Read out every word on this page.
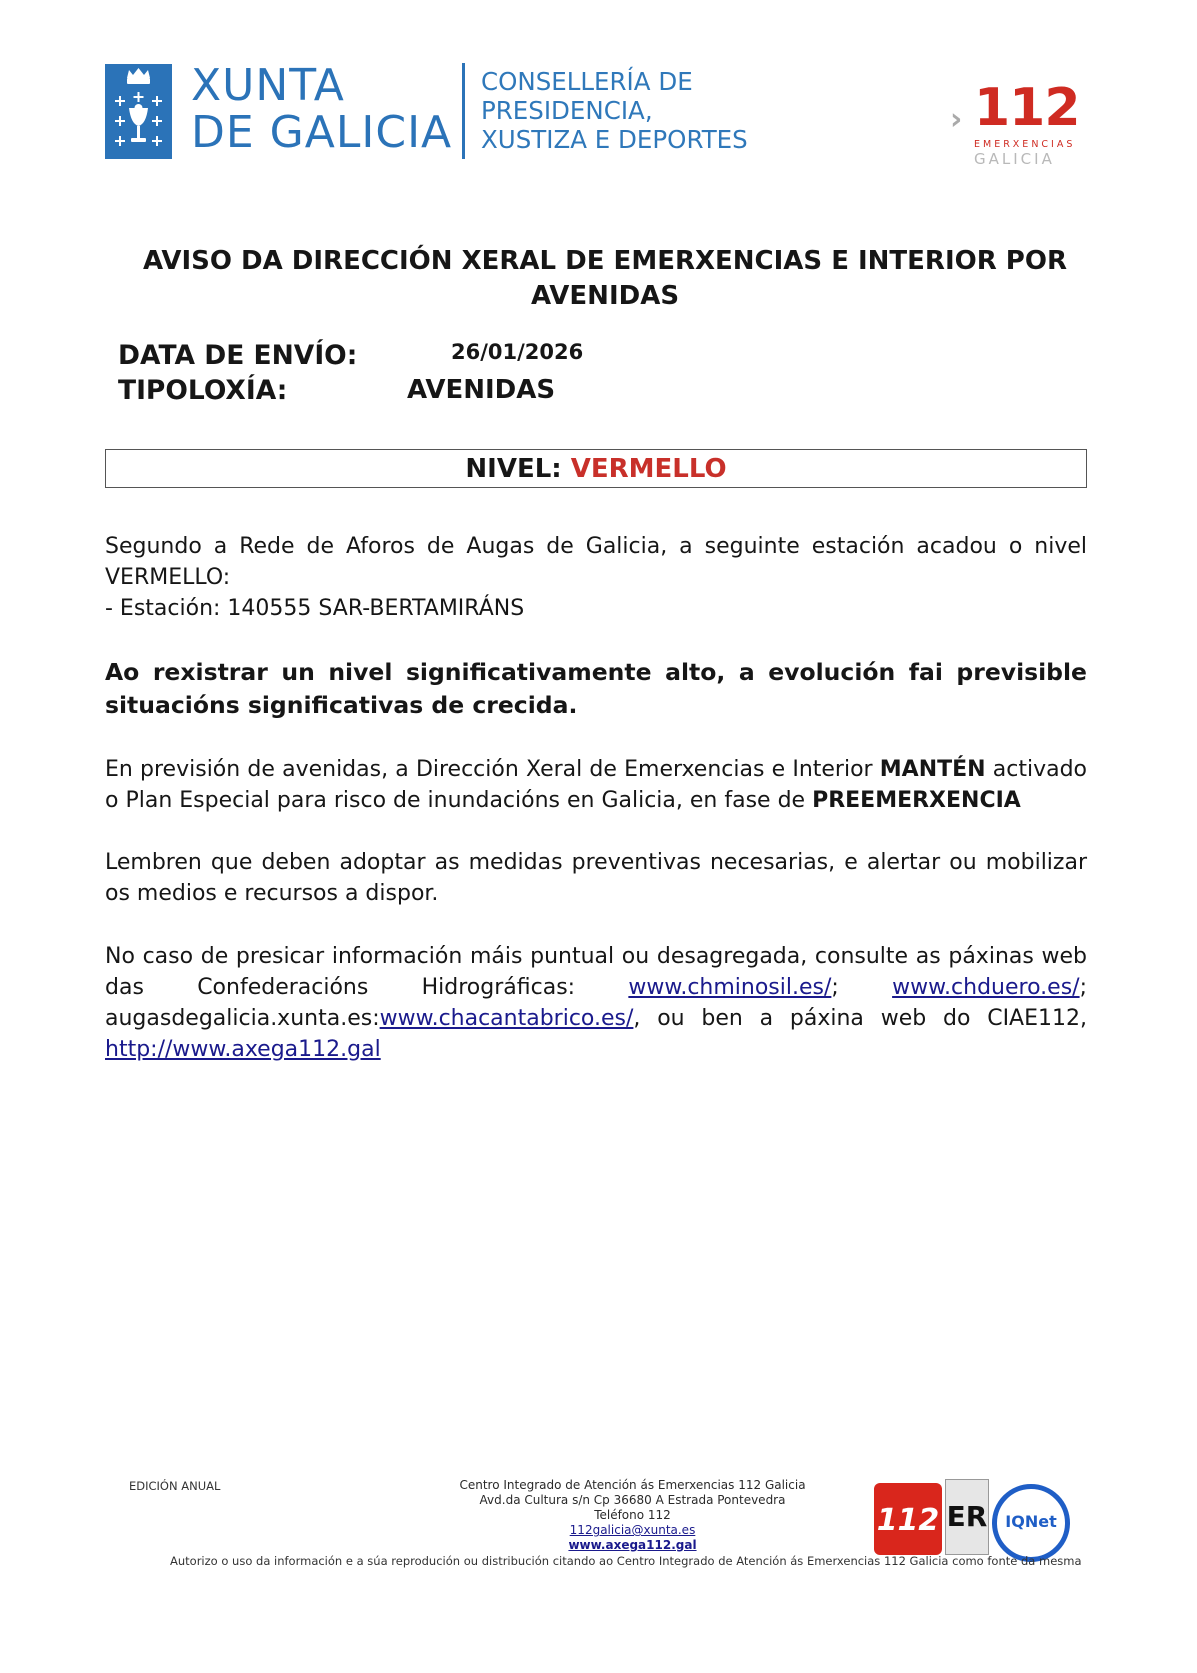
XUNTA
DE GALICIA
CONSELLERÍA DE
PRESIDENCIA,
XUSTIZA E DEPORTES
› 112
EMERXENCIAS
GALICIA
AVISO DA DIRECCIÓN XERAL DE EMERXENCIAS E INTERIOR POR
AVENIDAS
DATA DE ENVÍO:	26/01/2026
TIPOLOXÍA:	AVENIDAS
NIVEL: VERMELLO
Segundo a Rede de Aforos de Augas de Galicia, a seguinte estación acadou o nivel VERMELLO:
- Estación: 140555 SAR-BERTAMIRÁNS
Ao rexistrar un nivel significativamente alto, a evolución fai previsible situacións significativas de crecida.
En previsión de avenidas, a Dirección Xeral de Emerxencias e Interior MANTÉN activado o Plan Especial para risco de inundacións en Galicia, en fase de PREEMERXENCIA
Lembren que deben adoptar as medidas preventivas necesarias, e alertar ou mobilizar os medios e recursos a dispor.
No caso de presicar información máis puntual ou desagregada, consulte as páxinas web das Confederacións Hidrográficas: www.chminosil.es/; www.chduero.es/; augasdegalicia.xunta.es:www.chacantabrico.es/, ou ben a páxina web do CIAE112, http://www.axega112.gal
EDICIÓN ANUAL	Centro Integrado de Atención ás Emerxencias 112 Galicia
Avd.da Cultura s/n Cp 36680 A Estrada Pontevedra
Teléfono 112
112galicia@xunta.es
www.axega112.gal
112 ER	IQNet
Autorizo o uso da información e a súa reprodución ou distribución citando ao Centro Integrado de Atención ás Emerxencias 112 Galicia como fonte da mesma
